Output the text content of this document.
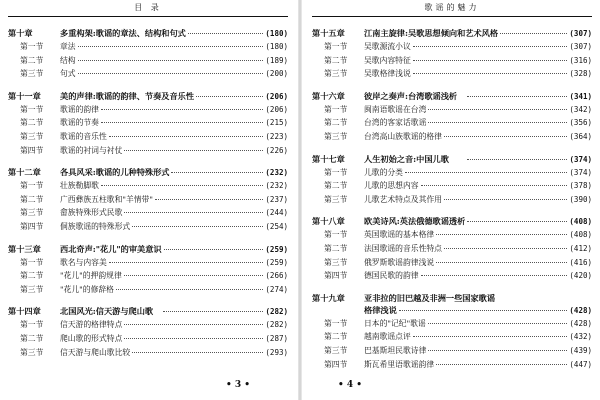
目 录
第十章	多重构架:歌谣的章法、结构和句式	(180)
第一节	章法	(180)
第二节	结构	(189)
第三节	句式	(200)
第十一章	美的声律:歌谣的韵律、节奏及音乐性	(206)
第一节	歌谣的韵律	(206)
第二节	歌谣的节奏	(215)
第三节	歌谣的音乐性	(223)
第四节	歌谣的衬词与衬仗	(226)
第十二章	各具风采:歌谣的儿种特殊形式	(232)
第一节	壮族勒脚歌	(232)
第二节	广西彝族五柱歌和"羊情带"	(237)
第三节	畲族特殊形式民歌	(244)
第四节	侗族歌谣的特殊形式	(254)
第十三章	西北奇声:"花儿"的审美意识	(259)
第一节	歌名与内容美	(259)
第二节	"花儿"的押韵规律	(266)
第三节	"花儿"的修辞格	(274)
第十四章	北国风光:信天游与爬山歌	(282)
第一节	信天游的格律特点	(282)
第二节	爬山歌的形式特点	(287)
第三节	信天游与爬山歌比较	(293)
• 3 •
歌谣的魅力
第十五章	江南主旋律:吴歌思想倾向和艺术风格	(307)
第一节	吴歌源流小议	(307)
第二节	吴歌内容特征	(316)
第三节	吴歌格律浅说	(328)
第十六章	彼岸之奏声:台湾歌谣浅析	(341)
第一节	闽南语歌谣在台湾	(342)
第二节	台湾的客家话歌谣	(356)
第三节	台湾高山族歌谣的格律	(364)
第十七章	人生初始之音:中国儿歌	(374)
第一节	儿歌的分类	(374)
第二节	儿歌的思想内容	(378)
第三节	儿歌艺术特点及其作用	(390)
第十八章	欧美诗风:英法俄德歌谣透析	(408)
第一节	英国歌谣的基本格律	(408)
第二节	法国歌谣的音乐性特点	(412)
第三节	俄罗斯歌谣韵律浅说	(416)
第四节	德国民歌的韵律	(420)
第十九章	亚非拉的旧巴越及非洲一些国家歌谣
格律浅说	(428)
第一节	日本的"记纪"歌谣	(428)
第二节	越南歌谣点评	(432)
第三节	巴基斯坦民歌诗律	(439)
第四节	斯瓦希里语歌谣韵律	(447)
• 4 •
